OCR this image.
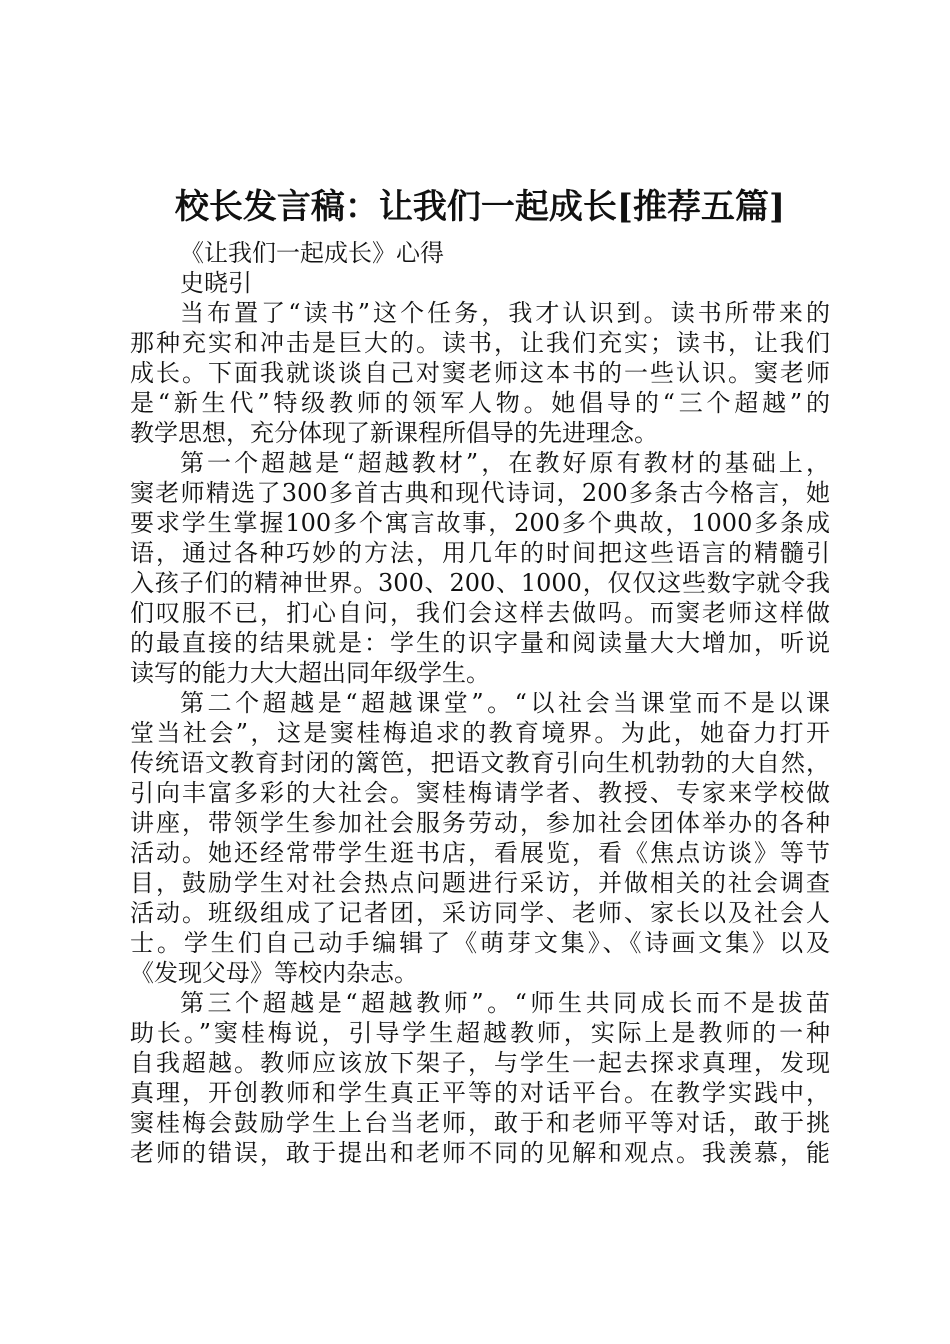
校长发言稿：让我们一起成长[推荐五篇]
《让我们一起成长》心得
史晓引
当布置了“读书”这个任务，我才认识到。读书所带来的
那种充实和冲击是巨大的。读书，让我们充实；读书，让我们
成长。下面我就谈谈自己对窦老师这本书的一些认识。窦老师
是“新生代”特级教师的领军人物。她倡导的“三个超越”的
教学思想，充分体现了新课程所倡导的先进理念。
第一个超越是“超越教材”，在教好原有教材的基础上，
窦老师精选了300多首古典和现代诗词，200多条古今格言，她
要求学生掌握100多个寓言故事，200多个典故，1000多条成
语，通过各种巧妙的方法，用几年的时间把这些语言的精髓引
入孩子们的精神世界。300、200、1000，仅仅这些数字就令我
们叹服不已，扪心自问，我们会这样去做吗。而窦老师这样做
的最直接的结果就是：学生的识字量和阅读量大大增加，听说
读写的能力大大超出同年级学生。
第二个超越是“超越课堂”。“以社会当课堂而不是以课
堂当社会”，这是窦桂梅追求的教育境界。为此，她奋力打开
传统语文教育封闭的篱笆，把语文教育引向生机勃勃的大自然，
引向丰富多彩的大社会。窦桂梅请学者、教授、专家来学校做
讲座，带领学生参加社会服务劳动，参加社会团体举办的各种
活动。她还经常带学生逛书店，看展览，看《焦点访谈》等节
目，鼓励学生对社会热点问题进行采访，并做相关的社会调查
活动。班级组成了记者团，采访同学、老师、家长以及社会人
士。学生们自己动手编辑了《萌芽文集》、《诗画文集》以及
《发现父母》等校内杂志。
第三个超越是“超越教师”。“师生共同成长而不是拔苗
助长。”窦桂梅说，引导学生超越教师，实际上是教师的一种
自我超越。教师应该放下架子，与学生一起去探求真理，发现
真理，开创教师和学生真正平等的对话平台。在教学实践中，
窦桂梅会鼓励学生上台当老师，敢于和老师平等对话，敢于挑
老师的错误，敢于提出和老师不同的见解和观点。我羡慕，能
